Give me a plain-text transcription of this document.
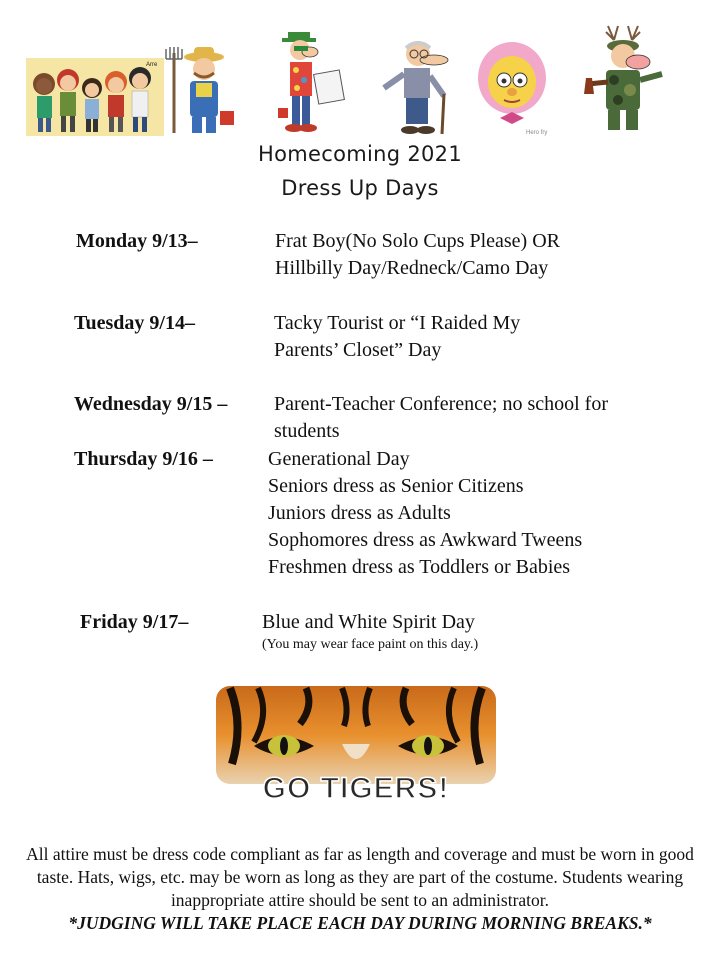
Arre
Hero fry
Homecoming 2021
Dress Up Days
Monday 9/13–	Frat Boy(No Solo Cups Please) OR
Hillbilly Day/Redneck/Camo Day
Tuesday 9/14–	Tacky Tourist or “I Raided My
Parents’ Closet” Day
Wednesday 9/15 – Parent-Teacher Conference; no school for
students
Thursday 9/16 –	Generational Day
Seniors dress as Senior Citizens
Juniors dress as Adults
Sophomores dress as Awkward Tweens
Freshmen dress as Toddlers or Babies
Friday 9/17–	Blue and White Spirit Day
(You may wear face paint on this day.)
GO TIGERS!
All attire must be dress code compliant as far as length and coverage and must be worn in good taste. Hats, wigs, etc. may be worn as long as they are part of the costume. Students wearing inappropriate attire should be sent to an administrator.
*JUDGING WILL TAKE PLACE EACH DAY DURING MORNING BREAKS.*
